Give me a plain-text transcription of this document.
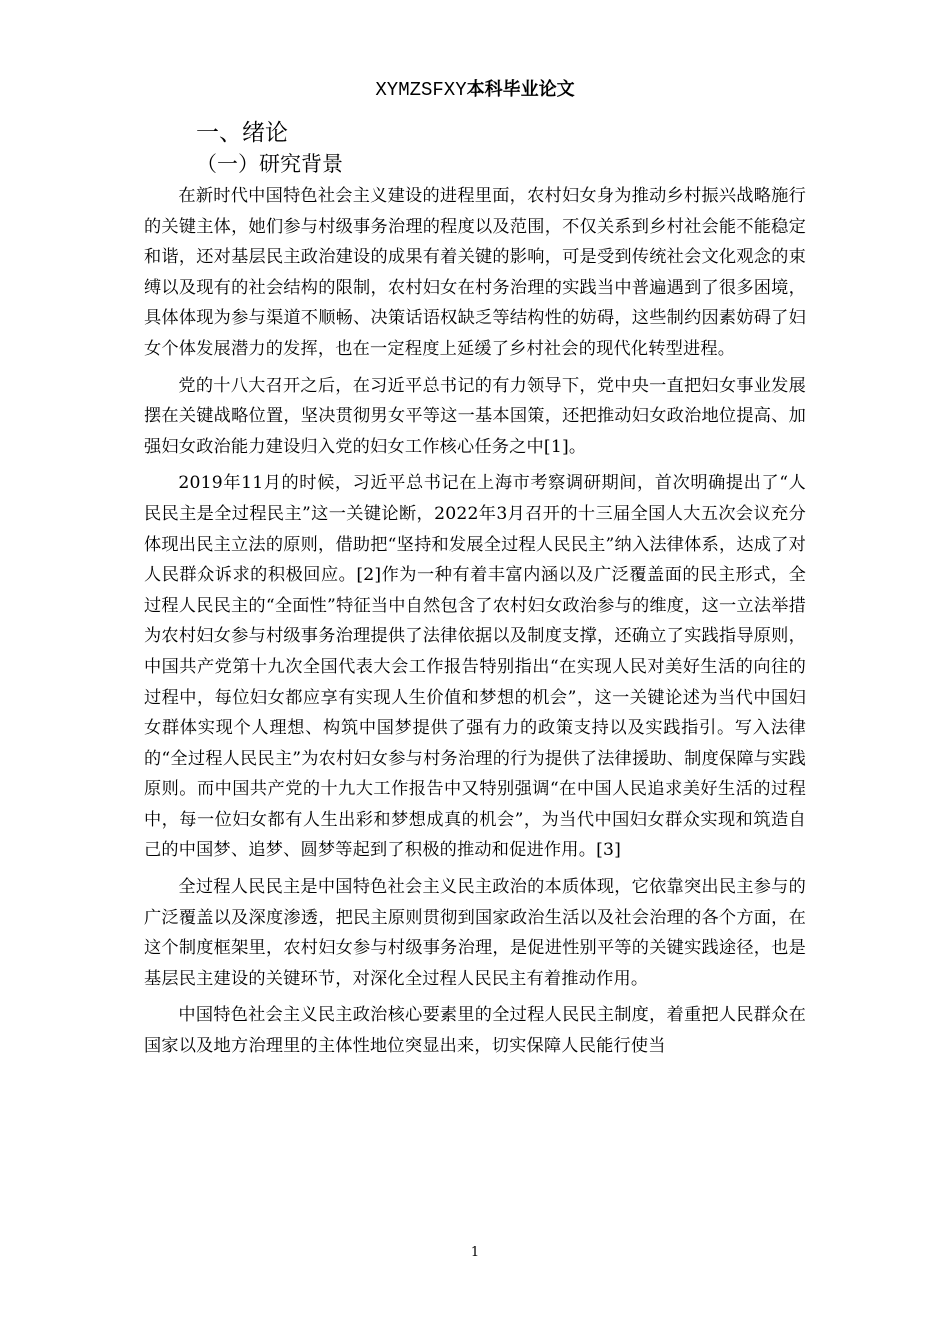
XYMZSFXY本科毕业论文
一、绪论
（一）研究背景

在新时代中国特色社会主义建设的进程里面，农村妇女身为推动乡村振兴战略施行的关键主体，她们参与村级事务治理的程度以及范围，不仅关系到乡村社会能不能稳定和谐，还对基层民主政治建设的成果有着关键的影响，可是受到传统社会文化观念的束缚以及现有的社会结构的限制，农村妇女在村务治理的实践当中普遍遇到了很多困境，具体体现为参与渠道不顺畅、决策话语权缺乏等结构性的妨碍，这些制约因素妨碍了妇女个体发展潜力的发挥，也在一定程度上延缓了乡村社会的现代化转型进程。

党的十八大召开之后，在习近平总书记的有力领导下，党中央一直把妇女事业发展摆在关键战略位置，坚决贯彻男女平等这一基本国策，还把推动妇女政治地位提高、加强妇女政治能力建设归入党的妇女工作核心任务之中[1]。

2019年11月的时候，习近平总书记在上海市考察调研期间，首次明确提出了“人民民主是全过程民主”这一关键论断，2022年3月召开的十三届全国人大五次会议充分体现出民主立法的原则，借助把“坚持和发展全过程人民民主”纳入法律体系，达成了对人民群众诉求的积极回应。[2]作为一种有着丰富内涵以及广泛覆盖面的民主形式，全过程人民民主的“全面性”特征当中自然包含了农村妇女政治参与的维度，这一立法举措为农村妇女参与村级事务治理提供了法律依据以及制度支撑，还确立了实践指导原则，中国共产党第十九次全国代表大会工作报告特别指出“在实现人民对美好生活的向往的过程中，每位妇女都应享有实现人生价值和梦想的机会”，这一关键论述为当代中国妇女群体实现个人理想、构筑中国梦提供了强有力的政策支持以及实践指引。写入法律的“全过程人民民主”为农村妇女参与村务治理的行为提供了法律援助、制度保障与实践原则。而中国共产党的十九大工作报告中又特别强调“在中国人民追求美好生活的过程中，每一位妇女都有人生出彩和梦想成真的机会”，为当代中国妇女群众实现和筑造自己的中国梦、追梦、圆梦等起到了积极的推动和促进作用。[3]

全过程人民民主是中国特色社会主义民主政治的本质体现，它依靠突出民主参与的广泛覆盖以及深度渗透，把民主原则贯彻到国家政治生活以及社会治理的各个方面，在这个制度框架里，农村妇女参与村级事务治理，是促进性别平等的关键实践途径，也是基层民主建设的关键环节，对深化全过程人民民主有着推动作用。

中国特色社会主义民主政治核心要素里的全过程人民民主制度，着重把人民群众在国家以及地方治理里的主体性地位突显出来，切实保障人民能行使当

1
